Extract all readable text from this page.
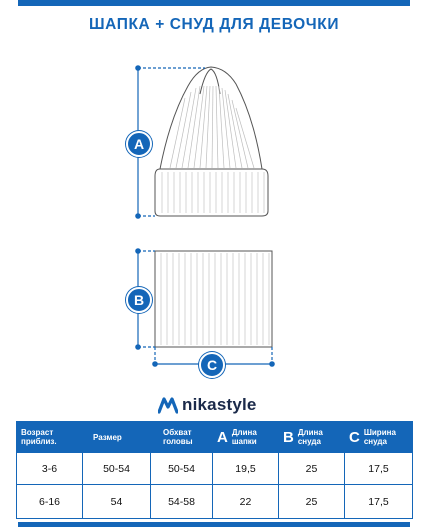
ШАПКА + СНУД ДЛЯ ДЕВОЧКИ
A
B
C
nikastyle
Возраст приблиз.	Размер	Обхват головы	A Длина шапки	B Длина снуда	C Ширина снуда

3-6	50-54	50-54	19,5	25	17,5
6-16	54	54-58	22	25	17,5
